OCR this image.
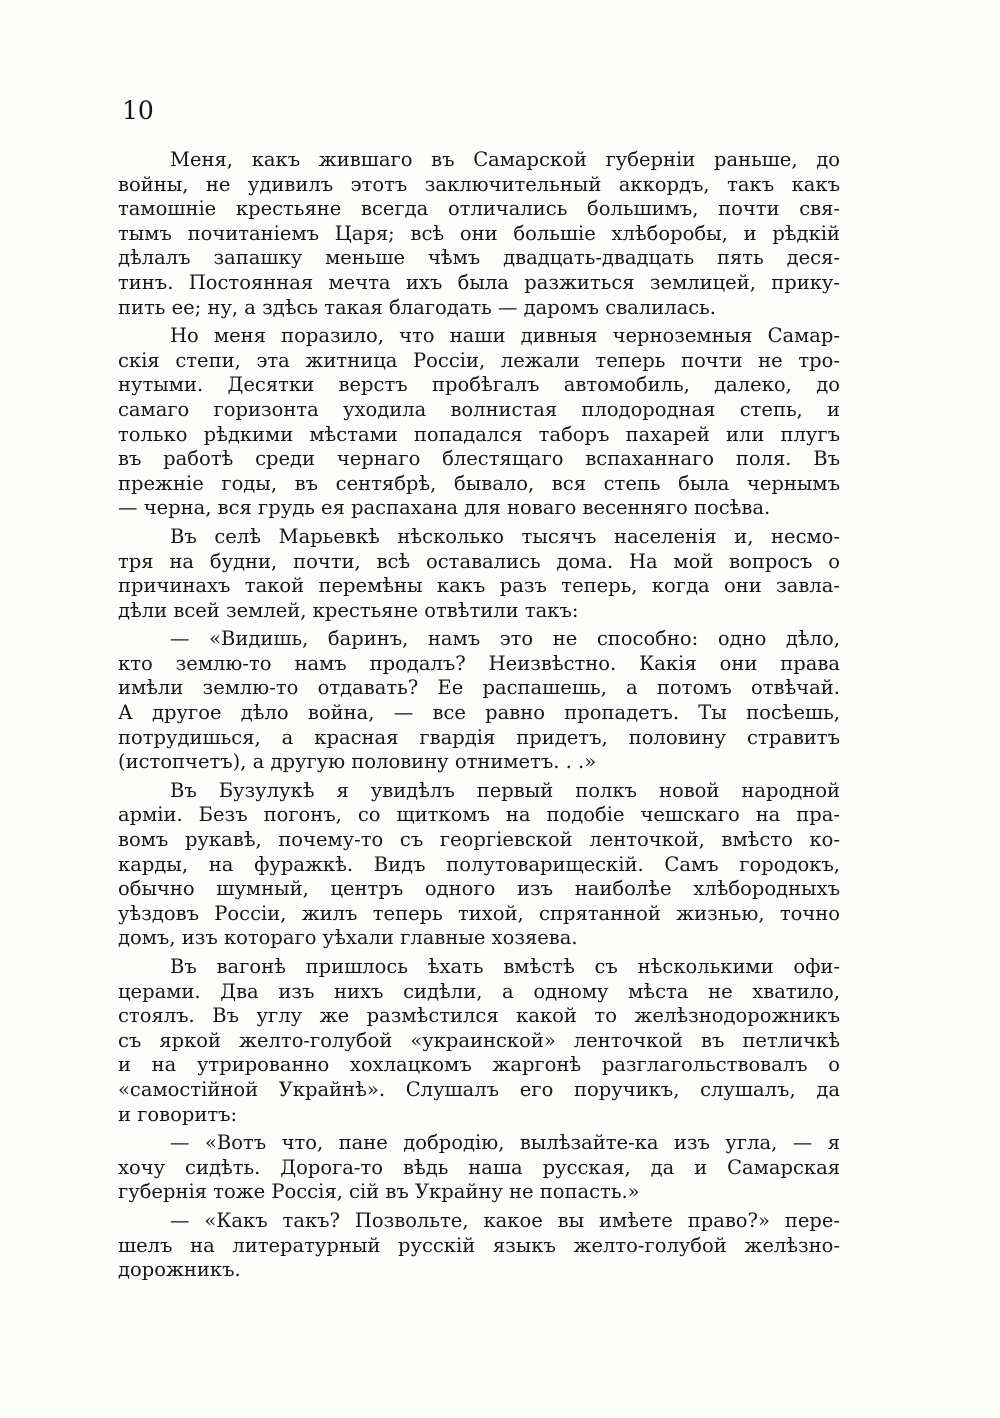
10
Меня, какъ жившаго въ Самарской губерніи раньше, до
войны, не удивилъ этотъ заключительный аккордъ, такъ какъ
тамошніе крестьяне всегда отличались большимъ, почти свя-
тымъ почитаніемъ Царя; всѣ они большіе хлѣборобы, и рѣдкій
дѣлалъ запашку меньше чѣмъ двадцать-двадцать пять деся-
тинъ. Постоянная мечта ихъ была разжиться землицей, прику-
пить ее; ну, а здѣсь такая благодать — даромъ свалилась.
Но меня поразило, что наши дивныя черноземныя Самар-
скія степи, эта житница Россіи, лежали теперь почти не тро-
нутыми. Десятки верстъ пробѣгалъ автомобиль, далеко, до
самаго горизонта уходила волнистая плодородная степь, и
только рѣдкими мѣстами попадался таборъ пахарей или плугъ
въ работѣ среди чернаго блестящаго вспаханнаго поля. Въ
прежніе годы, въ сентябрѣ, бывало, вся степь была чернымъ
— черна, вся грудь ея распахана для новаго весенняго посѣва.
Въ селѣ Марьевкѣ нѣсколько тысячъ населенія и, несмо-
тря на будни, почти, всѣ оставались дома. На мой вопросъ о
причинахъ такой перемѣны какъ разъ теперь, когда они завла-
дѣли всей землей, крестьяне отвѣтили такъ:
— «Видишь, баринъ, намъ это не способно: одно дѣло,
кто землю-то намъ продалъ? Неизвѣстно. Какія они права
имѣли землю-то отдавать? Ее распашешь, а потомъ отвѣчай.
А другое дѣло война, — все равно пропадетъ. Ты посѣешь,
потрудишься, а красная гвардія придетъ, половину стравитъ
(истопчетъ), а другую половину отниметъ. . .»
Въ Бузулукѣ я увидѣлъ первый полкъ новой народной
арміи. Безъ погонъ, со щиткомъ на подобіе чешскаго на пра-
вомъ рукавѣ, почему-то съ георгіевской ленточкой, вмѣсто ко-
карды, на фуражкѣ. Видъ полутоварищескій. Самъ городокъ,
обычно шумный, центръ одного изъ наиболѣе хлѣбородныхъ
уѣздовъ Россіи, жилъ теперь тихой, спрятанной жизнью, точно
домъ, изъ котораго уѣхали главные хозяева.
Въ вагонѣ пришлось ѣхать вмѣстѣ съ нѣсколькими офи-
церами. Два изъ нихъ сидѣли, а одному мѣста не хватило,
стоялъ. Въ углу же размѣстился какой то желѣзнодорожникъ
съ яркой желто-голубой «украинской» ленточкой въ петличкѣ
и на утрированно хохлацкомъ жаргонѣ разглагольствовалъ о
«самостійной Украйнѣ». Слушалъ его поручикъ, слушалъ, да
и говоритъ:
— «Вотъ что, пане добродію, вылѣзайте-ка изъ угла, — я
хочу сидѣть. Дорога-то вѣдь наша русская, да и Самарская
губернія тоже Россія, сій въ Украйну не попасть.»
— «Какъ такъ? Позвольте, какое вы имѣете право?» пере-
шелъ на литературный русскій языкъ желто-голубой желѣзно-
дорожникъ.
